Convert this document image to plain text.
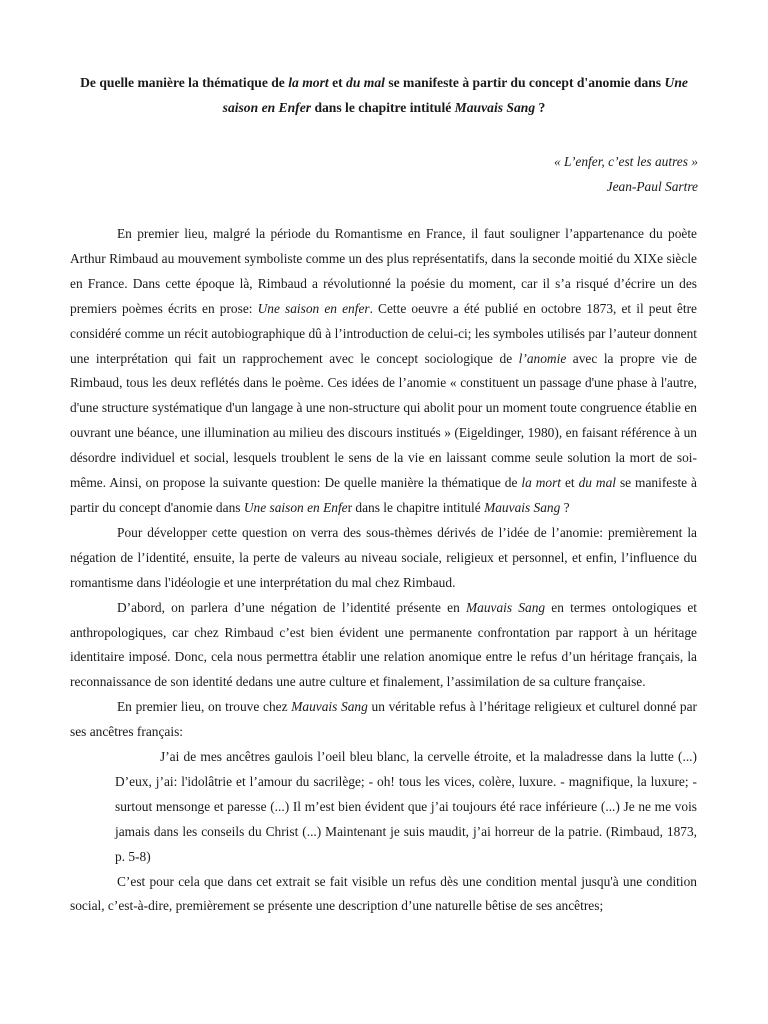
De quelle manière la thématique de la mort et du mal se manifeste à partir du concept d'anomie dans Une saison en Enfer dans le chapitre intitulé Mauvais Sang ?
« L’enfer, c’est les autres »
Jean-Paul Sartre

En premier lieu, malgré la période du Romantisme en France, il faut souligner l’appartenance du poète Arthur Rimbaud au mouvement symboliste comme un des plus représentatifs, dans la seconde moitié du XIXe siècle en France. Dans cette époque là, Rimbaud a révolutionné la poésie du moment, car il s’a risqué d’écrire un des premiers poèmes écrits en prose: Une saison en enfer. Cette oeuvre a été publié en octobre 1873, et il peut être considéré comme un récit autobiographique dû à l’introduction de celui-ci; les symboles utilisés par l’auteur donnent une interprétation qui fait un rapprochement avec le concept sociologique de l’anomie avec la propre vie de Rimbaud, tous les deux reflétés dans le poème. Ces idées de l’anomie « constituent un passage d'une phase à l'autre, d'une structure systématique d'un langage à une non-structure qui abolit pour un moment toute congruence établie en ouvrant une béance, une illumination au milieu des discours institués » (Eigeldinger, 1980), en faisant référence à un désordre individuel et social, lesquels troublent le sens de la vie en laissant comme seule solution la mort de soi-même. Ainsi, on propose la suivante question: De quelle manière la thématique de la mort et du mal se manifeste à partir du concept d'anomie dans Une saison en Enfer dans le chapitre intitulé Mauvais Sang ?

Pour développer cette question on verra des sous-thèmes dérivés de l’idée de l’anomie: premièrement la négation de l’identité, ensuite, la perte de valeurs au niveau sociale, religieux et personnel, et enfin, l’influence du romantisme dans l'idéologie et une interprétation du mal chez Rimbaud.

D’abord, on parlera d’une négation de l’identité présente en Mauvais Sang en termes ontologiques et anthropologiques, car chez Rimbaud c’est bien évident une permanente confrontation par rapport à un héritage identitaire imposé. Donc, cela nous permettra établir une relation anomique entre le refus d’un héritage français, la reconnaissance de son identité dedans une autre culture et finalement, l’assimilation de sa culture française.

En premier lieu, on trouve chez Mauvais Sang un véritable refus à l’héritage religieux et culturel donné par ses ancêtres français:

J’ai de mes ancêtres gaulois l’oeil bleu blanc, la cervelle étroite, et la maladresse dans la lutte (...) D’eux, j’ai: l'idolâtrie et l’amour du sacrilège; - oh! tous les vices, colère, luxure. - magnifique, la luxure; - surtout mensonge et paresse (...) Il m’est bien évident que j’ai toujours été race inférieure (...) Je ne me vois jamais dans les conseils du Christ (...) Maintenant je suis maudit, j’ai horreur de la patrie. (Rimbaud, 1873, p. 5-8)

C’est pour cela que dans cet extrait se fait visible un refus dès une condition mental jusqu'à une condition social, c’est-à-dire, premièrement se présente une description d’une naturelle bêtise de ses ancêtres;
